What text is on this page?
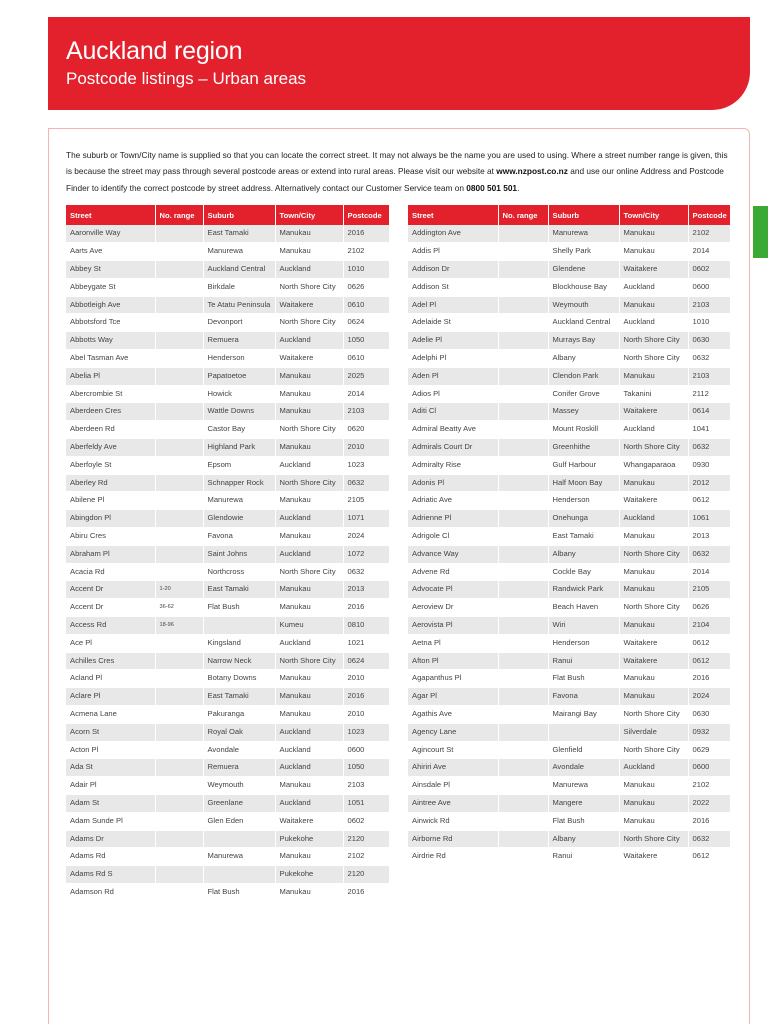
Auckland region
Postcode listings – Urban areas

The suburb or Town/City name is supplied so that you can locate the correct street. It may not always be the name you are used to using. Where a street number range is given, this is because the street may pass through several postcode areas or extend into rural areas. Please visit our website at www.nzpost.co.nz and use our online Address and Postcode Finder to identify the correct postcode by street address. Alternatively contact our Customer Service team on 0800 501 501.

Street	No. range	Suburb	Town/City	Postcode
Aaronville Way		East Tamaki	Manukau	2016
Aarts Ave		Manurewa	Manukau	2102
Abbey St		Auckland Central	Auckland	1010
Abbeygate St		Birkdale	North Shore City	0626
Abbotleigh Ave		Te Atatu Peninsula	Waitakere	0610
Abbotsford Tce		Devonport	North Shore City	0624
Abbotts Way		Remuera	Auckland	1050
Abel Tasman Ave		Henderson	Waitakere	0610
Abelia Pl		Papatoetoe	Manukau	2025
Abercrombie St		Howick	Manukau	2014
Aberdeen Cres		Wattle Downs	Manukau	2103
Aberdeen Rd		Castor Bay	North Shore City	0620
Aberfeldy Ave		Highland Park	Manukau	2010
Aberfoyle St		Epsom	Auckland	1023
Aberley Rd		Schnapper Rock	North Shore City	0632
Abilene Pl		Manurewa	Manukau	2105
Abingdon Pl		Glendowie	Auckland	1071
Abiru Cres		Favona	Manukau	2024
Abraham Pl		Saint Johns	Auckland	1072
Acacia Rd		Northcross	North Shore City	0632
Accent Dr	1-20	East Tamaki	Manukau	2013
Accent Dr	36-62	Flat Bush	Manukau	2016
Access Rd	18-96		Kumeu	0810
Ace Pl		Kingsland	Auckland	1021
Achilles Cres		Narrow Neck	North Shore City	0624
Acland Pl		Botany Downs	Manukau	2010
Aclare Pl		East Tamaki	Manukau	2016
Acmena Lane		Pakuranga	Manukau	2010
Acorn St		Royal Oak	Auckland	1023
Acton Pl		Avondale	Auckland	0600
Ada St		Remuera	Auckland	1050
Adair Pl		Weymouth	Manukau	2103
Adam St		Greenlane	Auckland	1051
Adam Sunde Pl		Glen Eden	Waitakere	0602
Adams Dr			Pukekohe	2120
Adams Rd		Manurewa	Manukau	2102
Adams Rd S			Pukekohe	2120
Adamson Rd		Flat Bush	Manukau	2016
Street	No. range	Suburb	Town/City	Postcode
Addington Ave		Manurewa	Manukau	2102
Addis Pl		Shelly Park	Manukau	2014
Addison Dr		Glendene	Waitakere	0602
Addison St		Blockhouse Bay	Auckland	0600
Adel Pl		Weymouth	Manukau	2103
Adelaide St		Auckland Central	Auckland	1010
Adelie Pl		Murrays Bay	North Shore City	0630
Adelphi Pl		Albany	North Shore City	0632
Aden Pl		Clendon Park	Manukau	2103
Adios Pl		Conifer Grove	Takanini	2112
Aditi Cl		Massey	Waitakere	0614
Admiral Beatty Ave		Mount Roskill	Auckland	1041
Admirals Court Dr		Greenhithe	North Shore City	0632
Admiralty Rise		Gulf Harbour	Whangaparaoa	0930
Adonis Pl		Half Moon Bay	Manukau	2012
Adriatic Ave		Henderson	Waitakere	0612
Adrienne Pl		Onehunga	Auckland	1061
Adrigole Cl		East Tamaki	Manukau	2013
Advance Way		Albany	North Shore City	0632
Advene Rd		Cockle Bay	Manukau	2014
Advocate Pl		Randwick Park	Manukau	2105
Aeroview Dr		Beach Haven	North Shore City	0626
Aerovista Pl		Wiri	Manukau	2104
Aetna Pl		Henderson	Waitakere	0612
Afton Pl		Ranui	Waitakere	0612
Agapanthus Pl		Flat Bush	Manukau	2016
Agar Pl		Favona	Manukau	2024
Agathis Ave		Mairangi Bay	North Shore City	0630
Agency Lane			Silverdale	0932
Agincourt St		Glenfield	North Shore City	0629
Ahiriri Ave		Avondale	Auckland	0600
Ainsdale Pl		Manurewa	Manukau	2102
Aintree Ave		Mangere	Manukau	2022
Ainwick Rd		Flat Bush	Manukau	2016
Airborne Rd		Albany	North Shore City	0632
Airdrie Rd		Ranui	Waitakere	0612
